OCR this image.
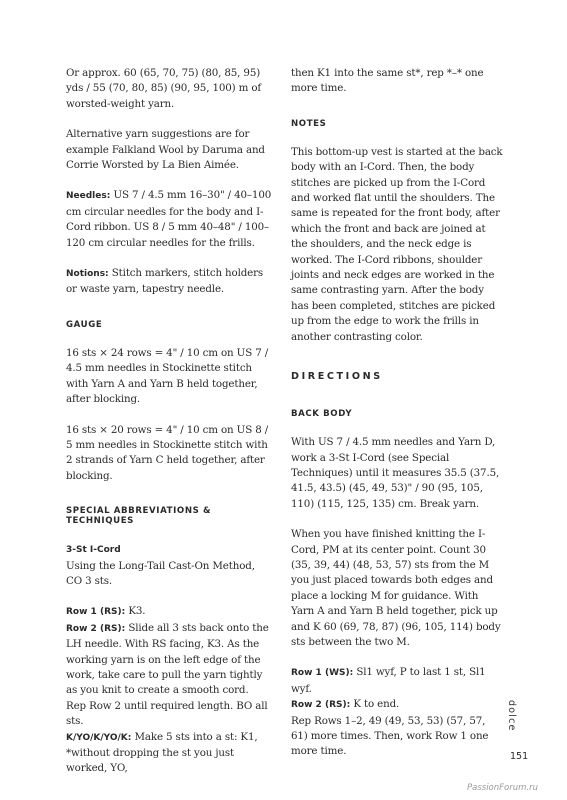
Or approx. 60 (65, 70, 75) (80, 85, 95) yds / 55 (70, 80, 85) (90, 95, 100) m of worsted-weight yarn.

Alternative yarn suggestions are for example Falkland Wool by Daruma and Corrie Worsted by La Bien Aimée.

Needles: US 7 / 4.5 mm 16–30" / 40–100 cm circular needles for the body and I-Cord ribbon. US 8 / 5 mm 40–48" / 100–120 cm circular needles for the frills.

Notions: Stitch markers, stitch holders or waste yarn, tapestry needle.

GAUGE

16 sts × 24 rows = 4" / 10 cm on US 7 / 4.5 mm needles in Stockinette stitch with Yarn A and Yarn B held together, after blocking.

16 sts × 20 rows = 4" / 10 cm on US 8 / 5 mm needles in Stockinette stitch with 2 strands of Yarn C held together, after blocking.

SPECIAL ABBREVIATIONS & TECHNIQUES

3-St I-Cord

Using the Long-Tail Cast-On Method, CO 3 sts.

Row 1 (RS): K3.

Row 2 (RS): Slide all 3 sts back onto the LH needle. With RS facing, K3. As the working yarn is on the left edge of the work, take care to pull the yarn tightly as you knit to create a smooth cord.

Rep Row 2 until required length. BO all sts.

K/YO/K/YO/K: Make 5 sts into a st: K1, *without dropping the st you just worked, YO,

then K1 into the same st*, rep *–* one more time.

NOTES

This bottom-up vest is started at the back body with an I-Cord. Then, the body stitches are picked up from the I-Cord and worked flat until the shoulders. The same is repeated for the front body, after which the front and back are joined at the shoulders, and the neck edge is worked. The I-Cord ribbons, shoulder joints and neck edges are worked in the same contrasting yarn. After the body has been completed, stitches are picked up from the edge to work the frills in another contrasting color.

DIRECTIONS

BACK BODY

With US 7 / 4.5 mm needles and Yarn D, work a 3-St I-Cord (see Special Techniques) until it measures 35.5 (37.5, 41.5, 43.5) (45, 49, 53)" / 90 (95, 105, 110) (115, 125, 135) cm. Break yarn.

When you have finished knitting the I-Cord, PM at its center point. Count 30 (35, 39, 44) (48, 53, 57) sts from the M you just placed towards both edges and place a locking M for guidance. With Yarn A and Yarn B held together, pick up and K 60 (69, 78, 87) (96, 105, 114) body sts between the two M.

Row 1 (WS): Sl1 wyf, P to last 1 st, Sl1 wyf.

Row 2 (RS): K to end.

Rep Rows 1–2, 49 (49, 53, 53) (57, 57, 61) more times. Then, work Row 1 one more time.

dolce
151
PassionForum.ru
